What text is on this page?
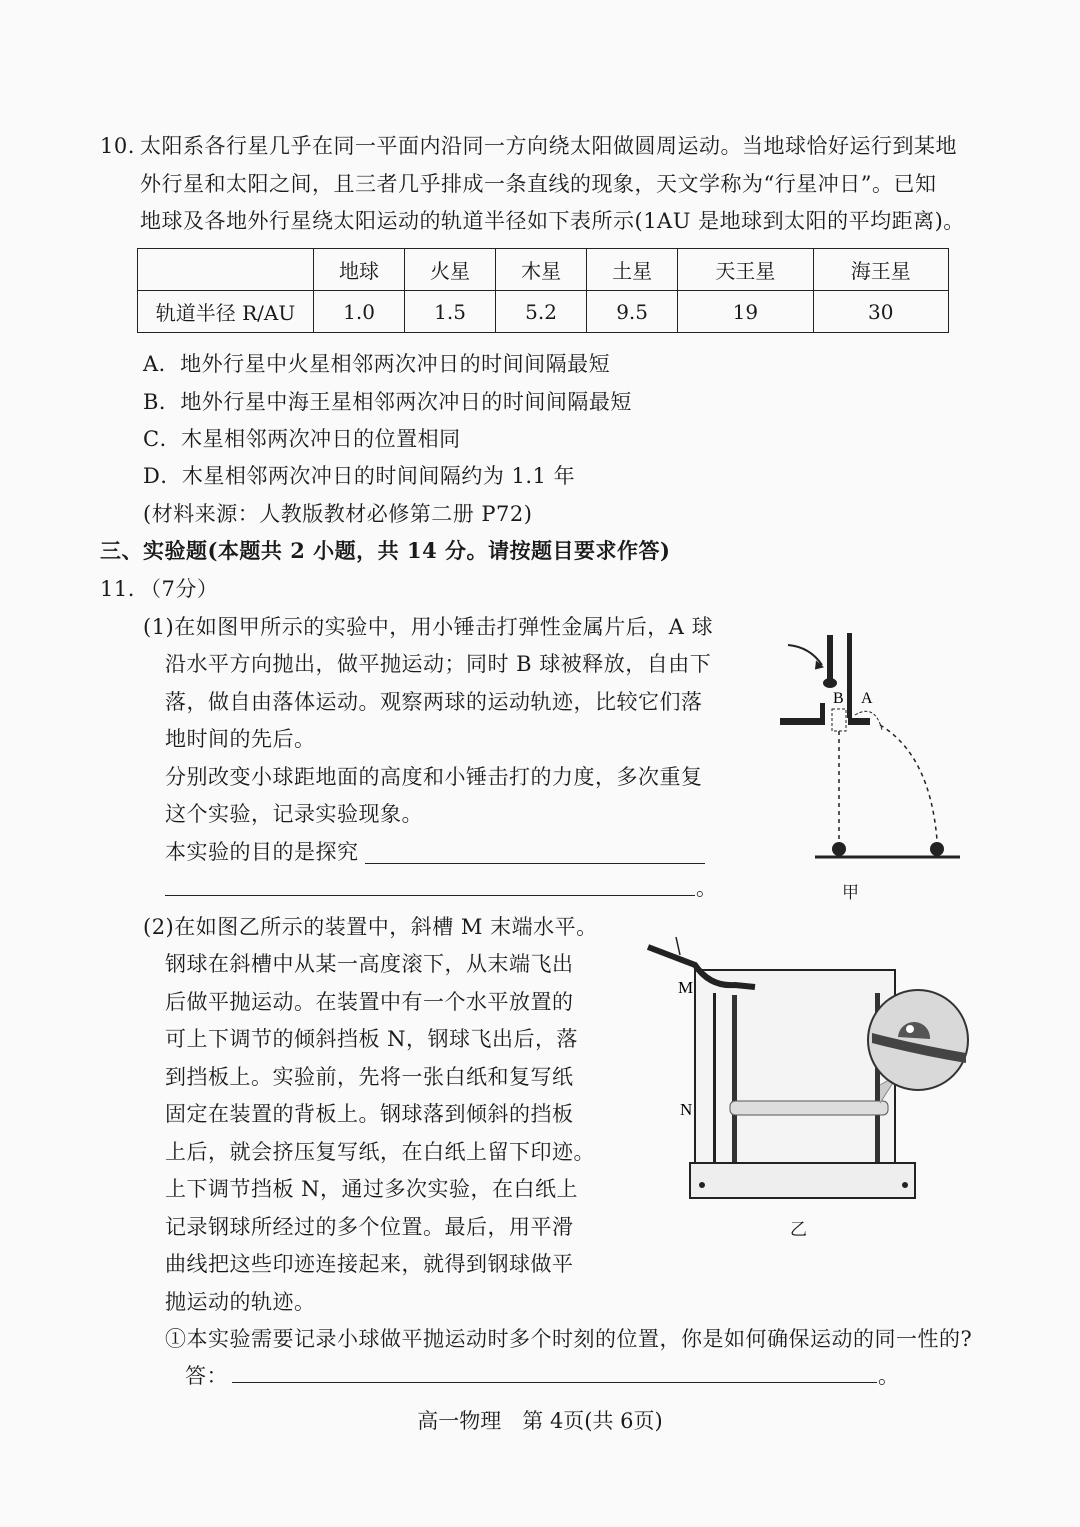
10. 太阳系各行星几乎在同一平面内沿同一方向绕太阳做圆周运动。当地球恰好运行到某地
外行星和太阳之间，且三者几乎排成一条直线的现象，天文学称为“行星冲日”。已知
地球及各地外行星绕太阳运动的轨道半径如下表所示(1AU 是地球到太阳的平均距离)。
	地球	火星	木星	土星	天王星	海王星
轨道半径 R/AU	1.0	1.5	5.2	9.5	19	30
A．地外行星中火星相邻两次冲日的时间间隔最短
B．地外行星中海王星相邻两次冲日的时间间隔最短
C．木星相邻两次冲日的位置相同
D．木星相邻两次冲日的时间间隔约为 1.1 年
(材料来源：人教版教材必修第二册 P72)
三、实验题(本题共 2 小题，共 14 分。请按题目要求作答)
11. （7分）
(1)在如图甲所示的实验中，用小锤击打弹性金属片后，A 球
沿水平方向抛出，做平抛运动；同时 B 球被释放，自由下
落，做自由落体运动。观察两球的运动轨迹，比较它们落
地时间的先后。
分别改变小球距地面的高度和小锤击打的力度，多次重复
这个实验，记录实验现象。
本实验的目的是探究
。
B A
甲
(2)在如图乙所示的装置中，斜槽 M 末端水平。
钢球在斜槽中从某一高度滚下，从末端飞出
后做平抛运动。在装置中有一个水平放置的
可上下调节的倾斜挡板 N，钢球飞出后，落
到挡板上。实验前，先将一张白纸和复写纸
固定在装置的背板上。钢球落到倾斜的挡板
上后，就会挤压复写纸，在白纸上留下印迹。
上下调节挡板 N，通过多次实验，在白纸上
记录钢球所经过的多个位置。最后，用平滑
曲线把这些印迹连接起来，就得到钢球做平
抛运动的轨迹。
M
N
乙
①本实验需要记录小球做平抛运动时多个时刻的位置，你是如何确保运动的同一性的?
答：	。
高一物理　第 4页(共 6页)
